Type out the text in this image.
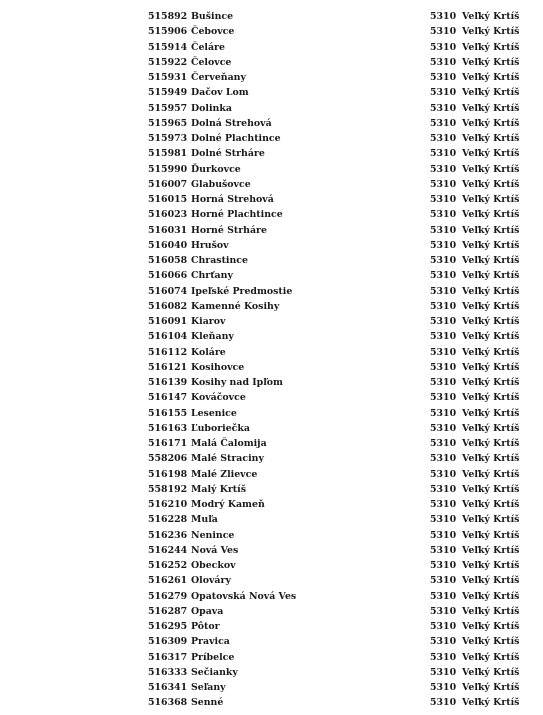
515892 Bušince	5310 Veľký Krtíš
515906 Čebovce	5310 Veľký Krtíš
515914 Čeláre	5310 Veľký Krtíš
515922 Čelovce	5310 Veľký Krtíš
515931 Červeňany	5310 Veľký Krtíš
515949 Dačov Lom	5310 Veľký Krtíš
515957 Dolinka	5310 Veľký Krtíš
515965 Dolná Strehová	5310 Veľký Krtíš
515973 Dolné Plachtince	5310 Veľký Krtíš
515981 Dolné Strháre	5310 Veľký Krtíš
515990 Ďurkovce	5310 Veľký Krtíš
516007 Glabušovce	5310 Veľký Krtíš
516015 Horná Strehová	5310 Veľký Krtíš
516023 Horné Plachtince	5310 Veľký Krtíš
516031 Horné Strháre	5310 Veľký Krtíš
516040 Hrušov	5310 Veľký Krtíš
516058 Chrastince	5310 Veľký Krtíš
516066 Chrťany	5310 Veľký Krtíš
516074 Ipeľské Predmostie	5310 Veľký Krtíš
516082 Kamenné Kosihy	5310 Veľký Krtíš
516091 Kiarov	5310 Veľký Krtíš
516104 Kleňany	5310 Veľký Krtíš
516112 Koláre	5310 Veľký Krtíš
516121 Kosihovce	5310 Veľký Krtíš
516139 Kosihy nad Ipľom	5310 Veľký Krtíš
516147 Kováčovce	5310 Veľký Krtíš
516155 Lesenice	5310 Veľký Krtíš
516163 Ľuboriečka	5310 Veľký Krtíš
516171 Malá Čalomija	5310 Veľký Krtíš
558206 Malé Straciny	5310 Veľký Krtíš
516198 Malé Zlievce	5310 Veľký Krtíš
558192 Malý Krtíš	5310 Veľký Krtíš
516210 Modrý Kameň	5310 Veľký Krtíš
516228 Muľa	5310 Veľký Krtíš
516236 Nenince	5310 Veľký Krtíš
516244 Nová Ves	5310 Veľký Krtíš
516252 Obeckov	5310 Veľký Krtíš
516261 Olováry	5310 Veľký Krtíš
516279 Opatovská Nová Ves	5310 Veľký Krtíš
516287 Opava	5310 Veľký Krtíš
516295 Pôtor	5310 Veľký Krtíš
516309 Pravica	5310 Veľký Krtíš
516317 Príbelce	5310 Veľký Krtíš
516333 Sečianky	5310 Veľký Krtíš
516341 Seľany	5310 Veľký Krtíš
516368 Senné	5310 Veľký Krtíš
